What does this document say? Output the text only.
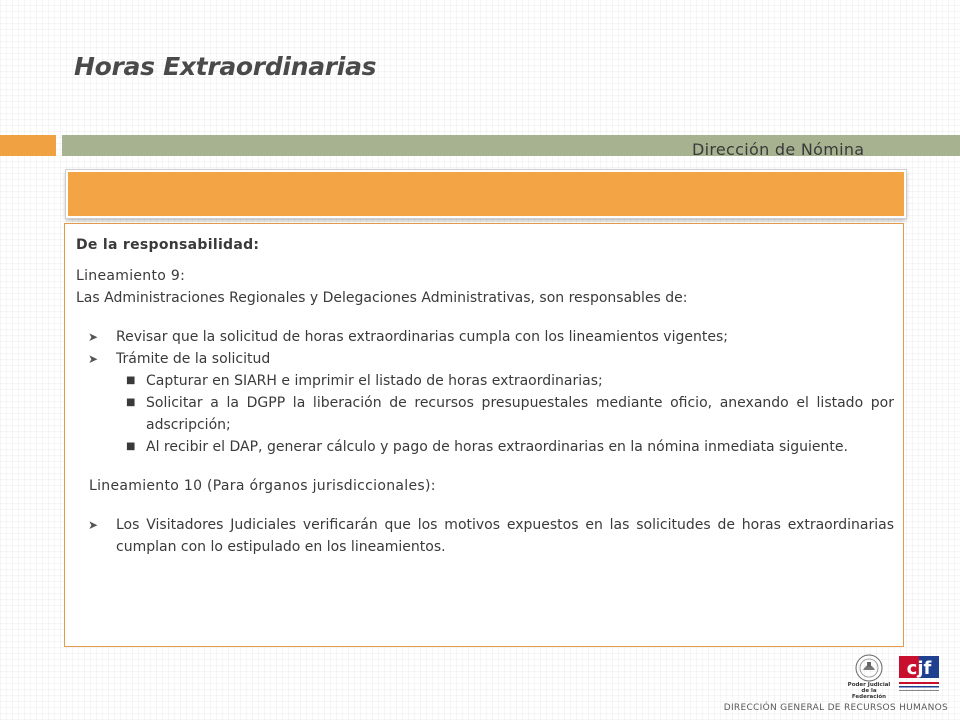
Horas Extraordinarias
Dirección de Nómina

De la responsabilidad:

Lineamiento 9:

Las Administraciones Regionales y Delegaciones Administrativas, son responsables de:

➤ Revisar que la solicitud de horas extraordinarias cumpla con los lineamientos vigentes;
➤ Trámite de la solicitud
■ Capturar en SIARH e imprimir el listado de horas extraordinarias;
■ Solicitar a la DGPP la liberación de recursos presupuestales mediante oficio, anexando el listado por adscripción;
■ Al recibir el DAP, generar cálculo y pago de horas extraordinarias en la nómina inmediata siguiente.

Lineamiento 10 (Para órganos jurisdiccionales):

➤ Los Visitadores Judiciales verificarán que los motivos expuestos en las solicitudes de horas extraordinarias cumplan con lo estipulado en los lineamientos.
Poder Judicial
de la Federación
cjf
DIRECCIÓN GENERAL DE RECURSOS HUMANOS
